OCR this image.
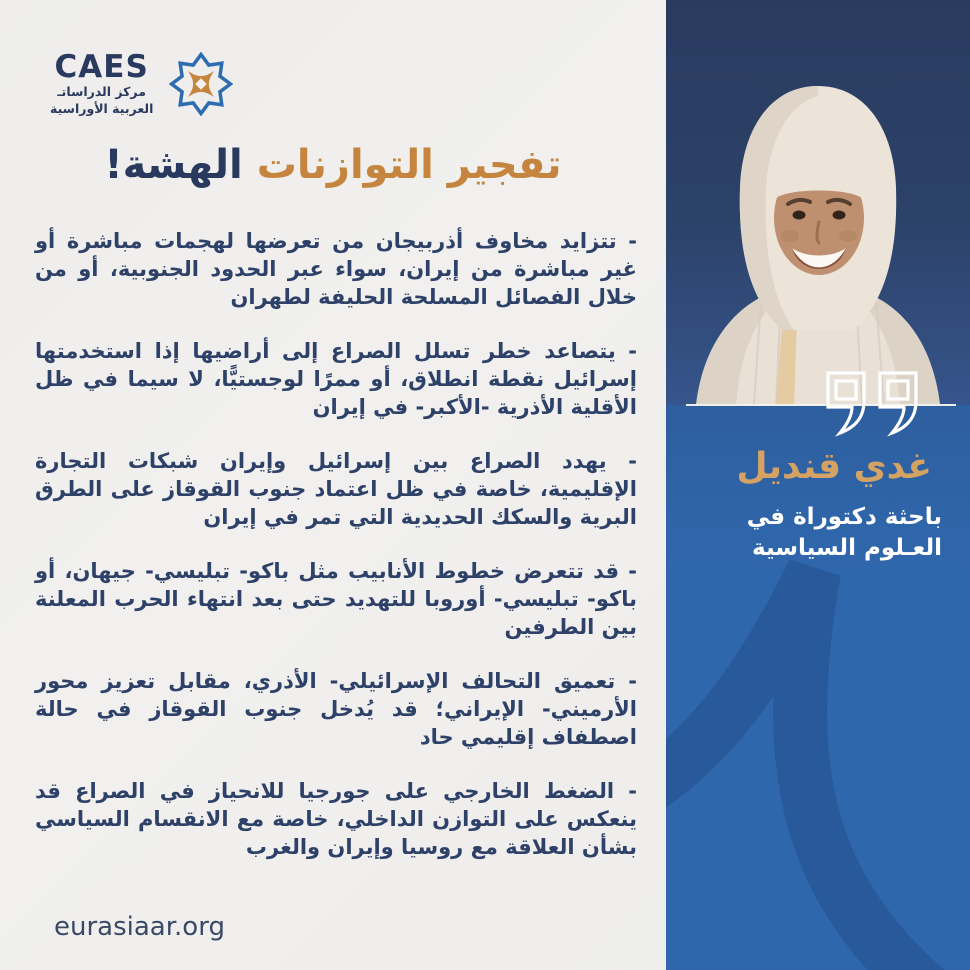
CAES
مركز الدراساتـ
العربية الأوراسية
تفجير التوازنات الهشة!

- تتزايد مخاوف أذربيجان من تعرضها لهجمات مباشرة أو غير مباشرة من إيران، سواء عبر الحدود الجنوبية، أو من خلال الفصائل المسلحة الحليفة لطهران

- يتصاعد خطر تسلل الصراع إلى أراضيها إذا استخدمتها إسرائيل نقطة انطلاق، أو ممرًا لوجستيًّا، لا سيما في ظل الأقلية الأذرية -الأكبر- في إيران

- يهدد الصراع بين إسرائيل وإيران شبكات التجارة الإقليمية، خاصة في ظل اعتماد جنوب القوقاز على الطرق البرية والسكك الحديدية التي تمر في إيران

- قد تتعرض خطوط الأنابيب مثل باكو- تبليسي- جيهان، أو باكو- تبليسي- أوروبا للتهديد حتى بعد انتهاء الحرب المعلنة بين الطرفين

- تعميق التحالف الإسرائيلي- الأذري، مقابل تعزيز محور الأرميني- الإيراني؛ قد يُدخل جنوب القوقاز في حالة اصطفاف إقليمي حاد

- الضغط الخارجي على جورجيا للانحياز في الصراع قد ينعكس على التوازن الداخلي، خاصة مع الانقسام السياسي بشأن العلاقة مع روسيا وإيران والغرب

eurasiaar.org
غدي قنديل
باحثة دكتوراة في
العـلوم السياسية
